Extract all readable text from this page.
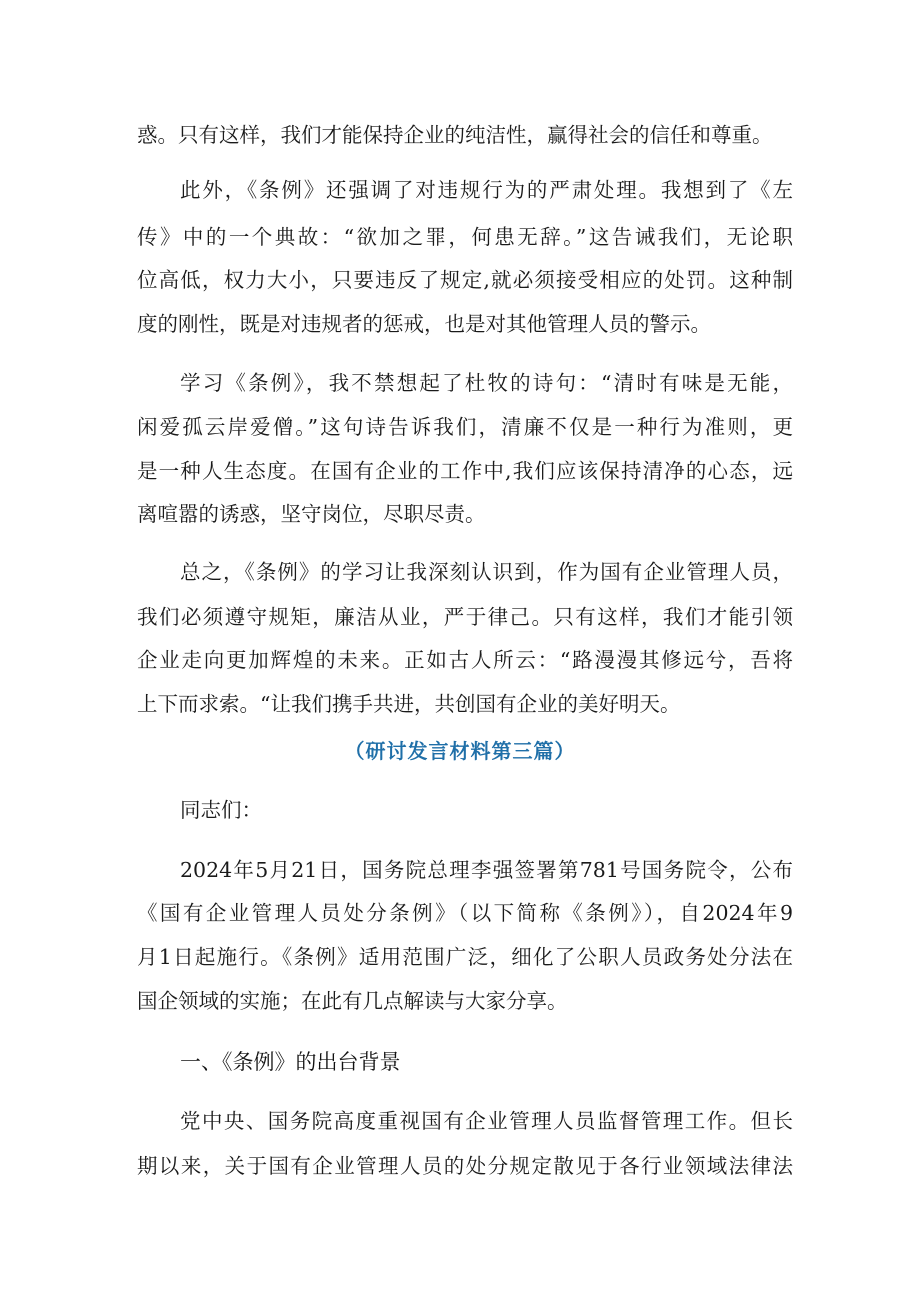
惑。只有这样，我们才能保持企业的纯洁性，赢得社会的信任和尊重。
此外，《条例》还强调了对违规行为的严肃处理。我想到了《左
传》中的一个典故：“欲加之罪，何患无辞。”这告诫我们，无论职
位高低，权力大小，只要违反了规定,就必须接受相应的处罚。这种制
度的刚性，既是对违规者的惩戒，也是对其他管理人员的警示。
学习《条例》，我不禁想起了杜牧的诗句：“清时有味是无能，
闲爱孤云岸爱僧。”这句诗告诉我们，清廉不仅是一种行为准则，更
是一种人生态度。在国有企业的工作中,我们应该保持清净的心态，远
离喧嚣的诱惑，坚守岗位，尽职尽责。
总之，《条例》的学习让我深刻认识到，作为国有企业管理人员，
我们必须遵守规矩，廉洁从业，严于律己。只有这样，我们才能引领
企业走向更加辉煌的未来。正如古人所云：“路漫漫其修远兮，吾将
上下而求索。“让我们携手共进，共创国有企业的美好明天。
（研讨发言材料第三篇）
同志们：
2024年5月21日，国务院总理李强签署第781号国务院令，公布
《国有企业管理人员处分条例》（以下简称《条例》），自2024年9
月1日起施行。《条例》适用范围广泛，细化了公职人员政务处分法在
国企领域的实施；在此有几点解读与大家分享。
一、《条例》的出台背景
党中央、国务院高度重视国有企业管理人员监督管理工作。但长
期以来，关于国有企业管理人员的处分规定散见于各行业领域法律法
